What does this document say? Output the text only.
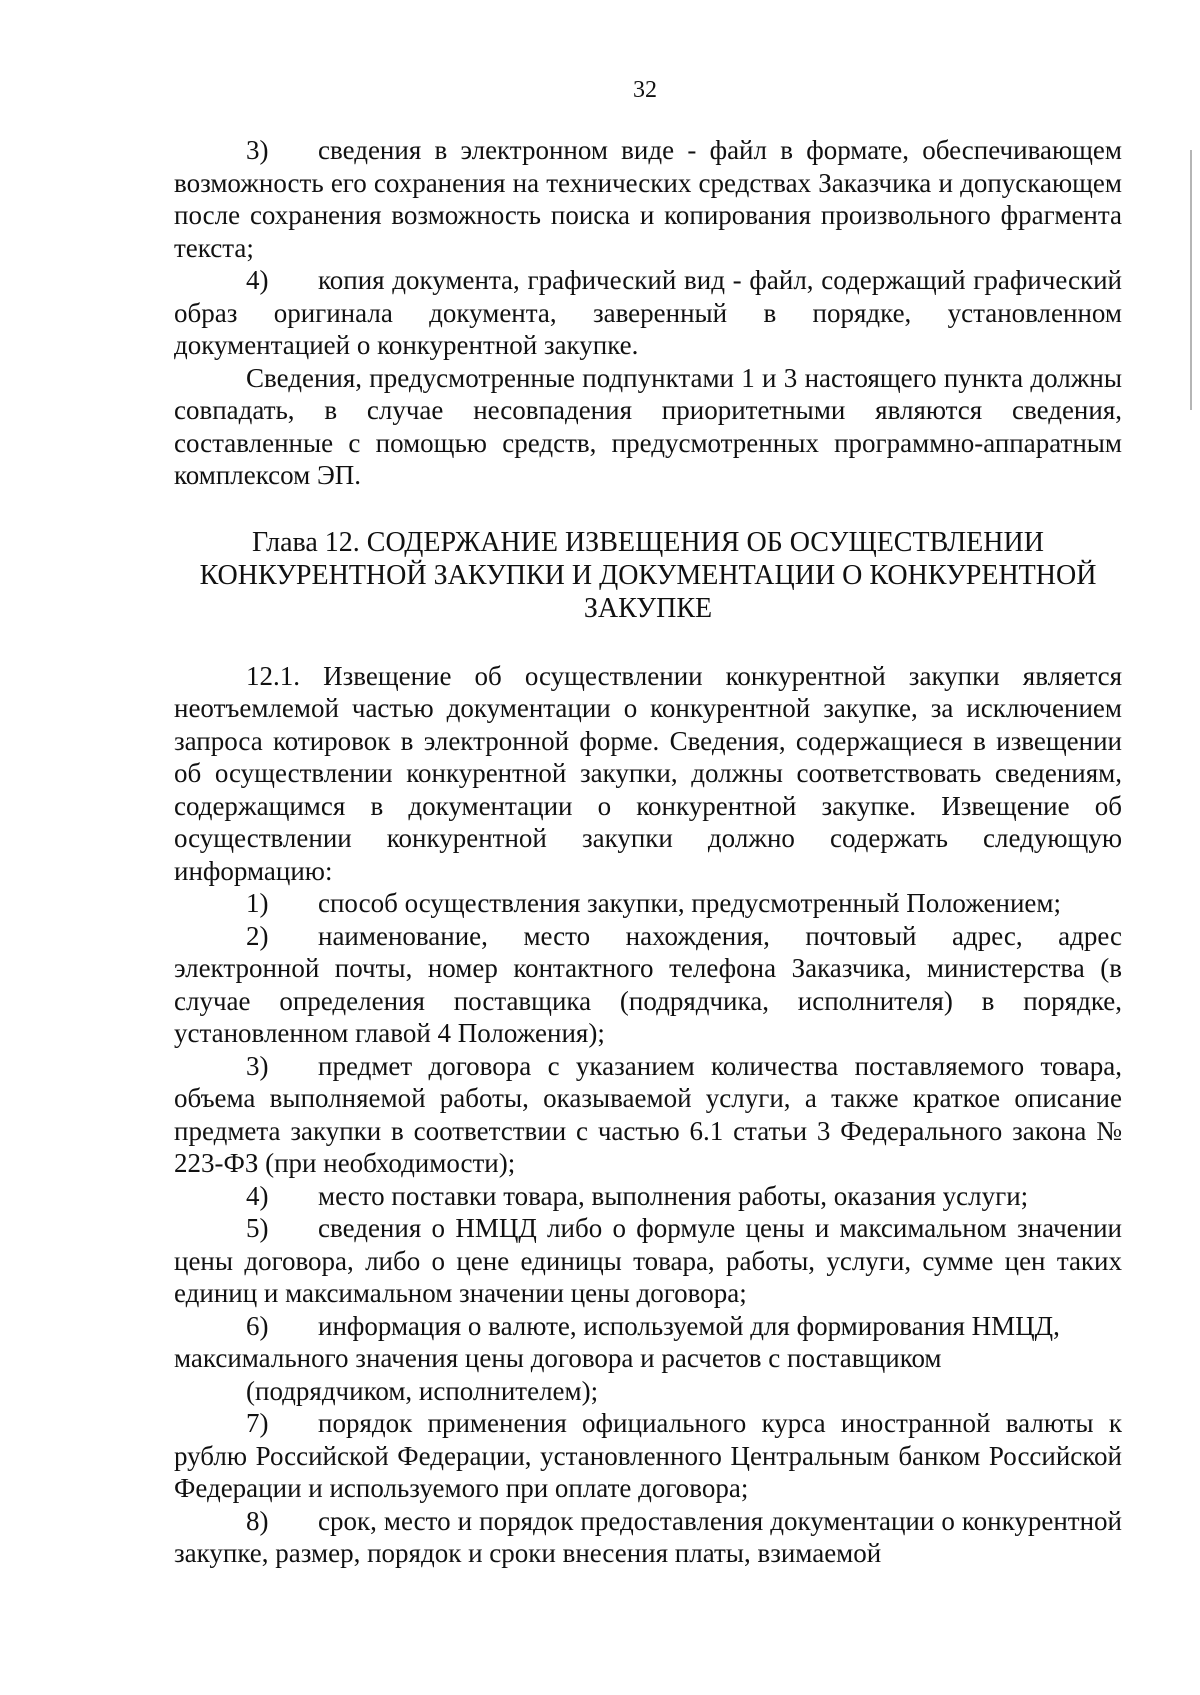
32

3) сведения в электронном виде - файл в формате, обеспечивающем возможность его сохранения на технических средствах Заказчика и допускающем после сохранения возможность поиска и копирования произвольного фрагмента текста;

4) копия документа, графический вид - файл, содержащий графический образ оригинала документа, заверенный в порядке, установленном документацией о конкурентной закупке.

Сведения, предусмотренные подпунктами 1 и 3 настоящего пункта должны совпадать, в случае несовпадения приоритетными являются сведения, составленные с помощью средств, предусмотренных программно-аппаратным комплексом ЭП.

Глава 12. СОДЕРЖАНИЕ ИЗВЕЩЕНИЯ ОБ ОСУЩЕСТВЛЕНИИ
КОНКУРЕНТНОЙ ЗАКУПКИ И ДОКУМЕНТАЦИИ О КОНКУРЕНТНОЙ
ЗАКУПКЕ

12.1. Извещение об осуществлении конкурентной закупки является неотъемлемой частью документации о конкурентной закупке, за исключением запроса котировок в электронной форме. Сведения, содержащиеся в извещении об осуществлении конкурентной закупки, должны соответствовать сведениям, содержащимся в документации о конкурентной закупке. Извещение об осуществлении конкурентной закупки должно содержать следующую информацию:

1) способ осуществления закупки, предусмотренный Положением;

2) наименование, место нахождения, почтовый адрес, адрес электронной почты, номер контактного телефона Заказчика, министерства (в случае определения поставщика (подрядчика, исполнителя) в порядке, установленном главой 4 Положения);

3) предмет договора с указанием количества поставляемого товара, объема выполняемой работы, оказываемой услуги, а также краткое описание предмета закупки в соответствии с частью 6.1 статьи 3 Федерального закона № 223-ФЗ (при необходимости);

4) место поставки товара, выполнения работы, оказания услуги;

5) сведения о НМЦД либо о формуле цены и максимальном значении цены договора, либо о цене единицы товара, работы, услуги, сумме цен таких единиц и максимальном значении цены договора;

6) информация о валюте, используемой для формирования НМЦД, максимального значения цены договора и расчетов с поставщиком

(подрядчиком, исполнителем);

7) порядок применения официального курса иностранной валюты к рублю Российской Федерации, установленного Центральным банком Российской Федерации и используемого при оплате договора;

8) срок, место и порядок предоставления документации о конкурентной закупке, размер, порядок и сроки внесения платы, взимаемой
